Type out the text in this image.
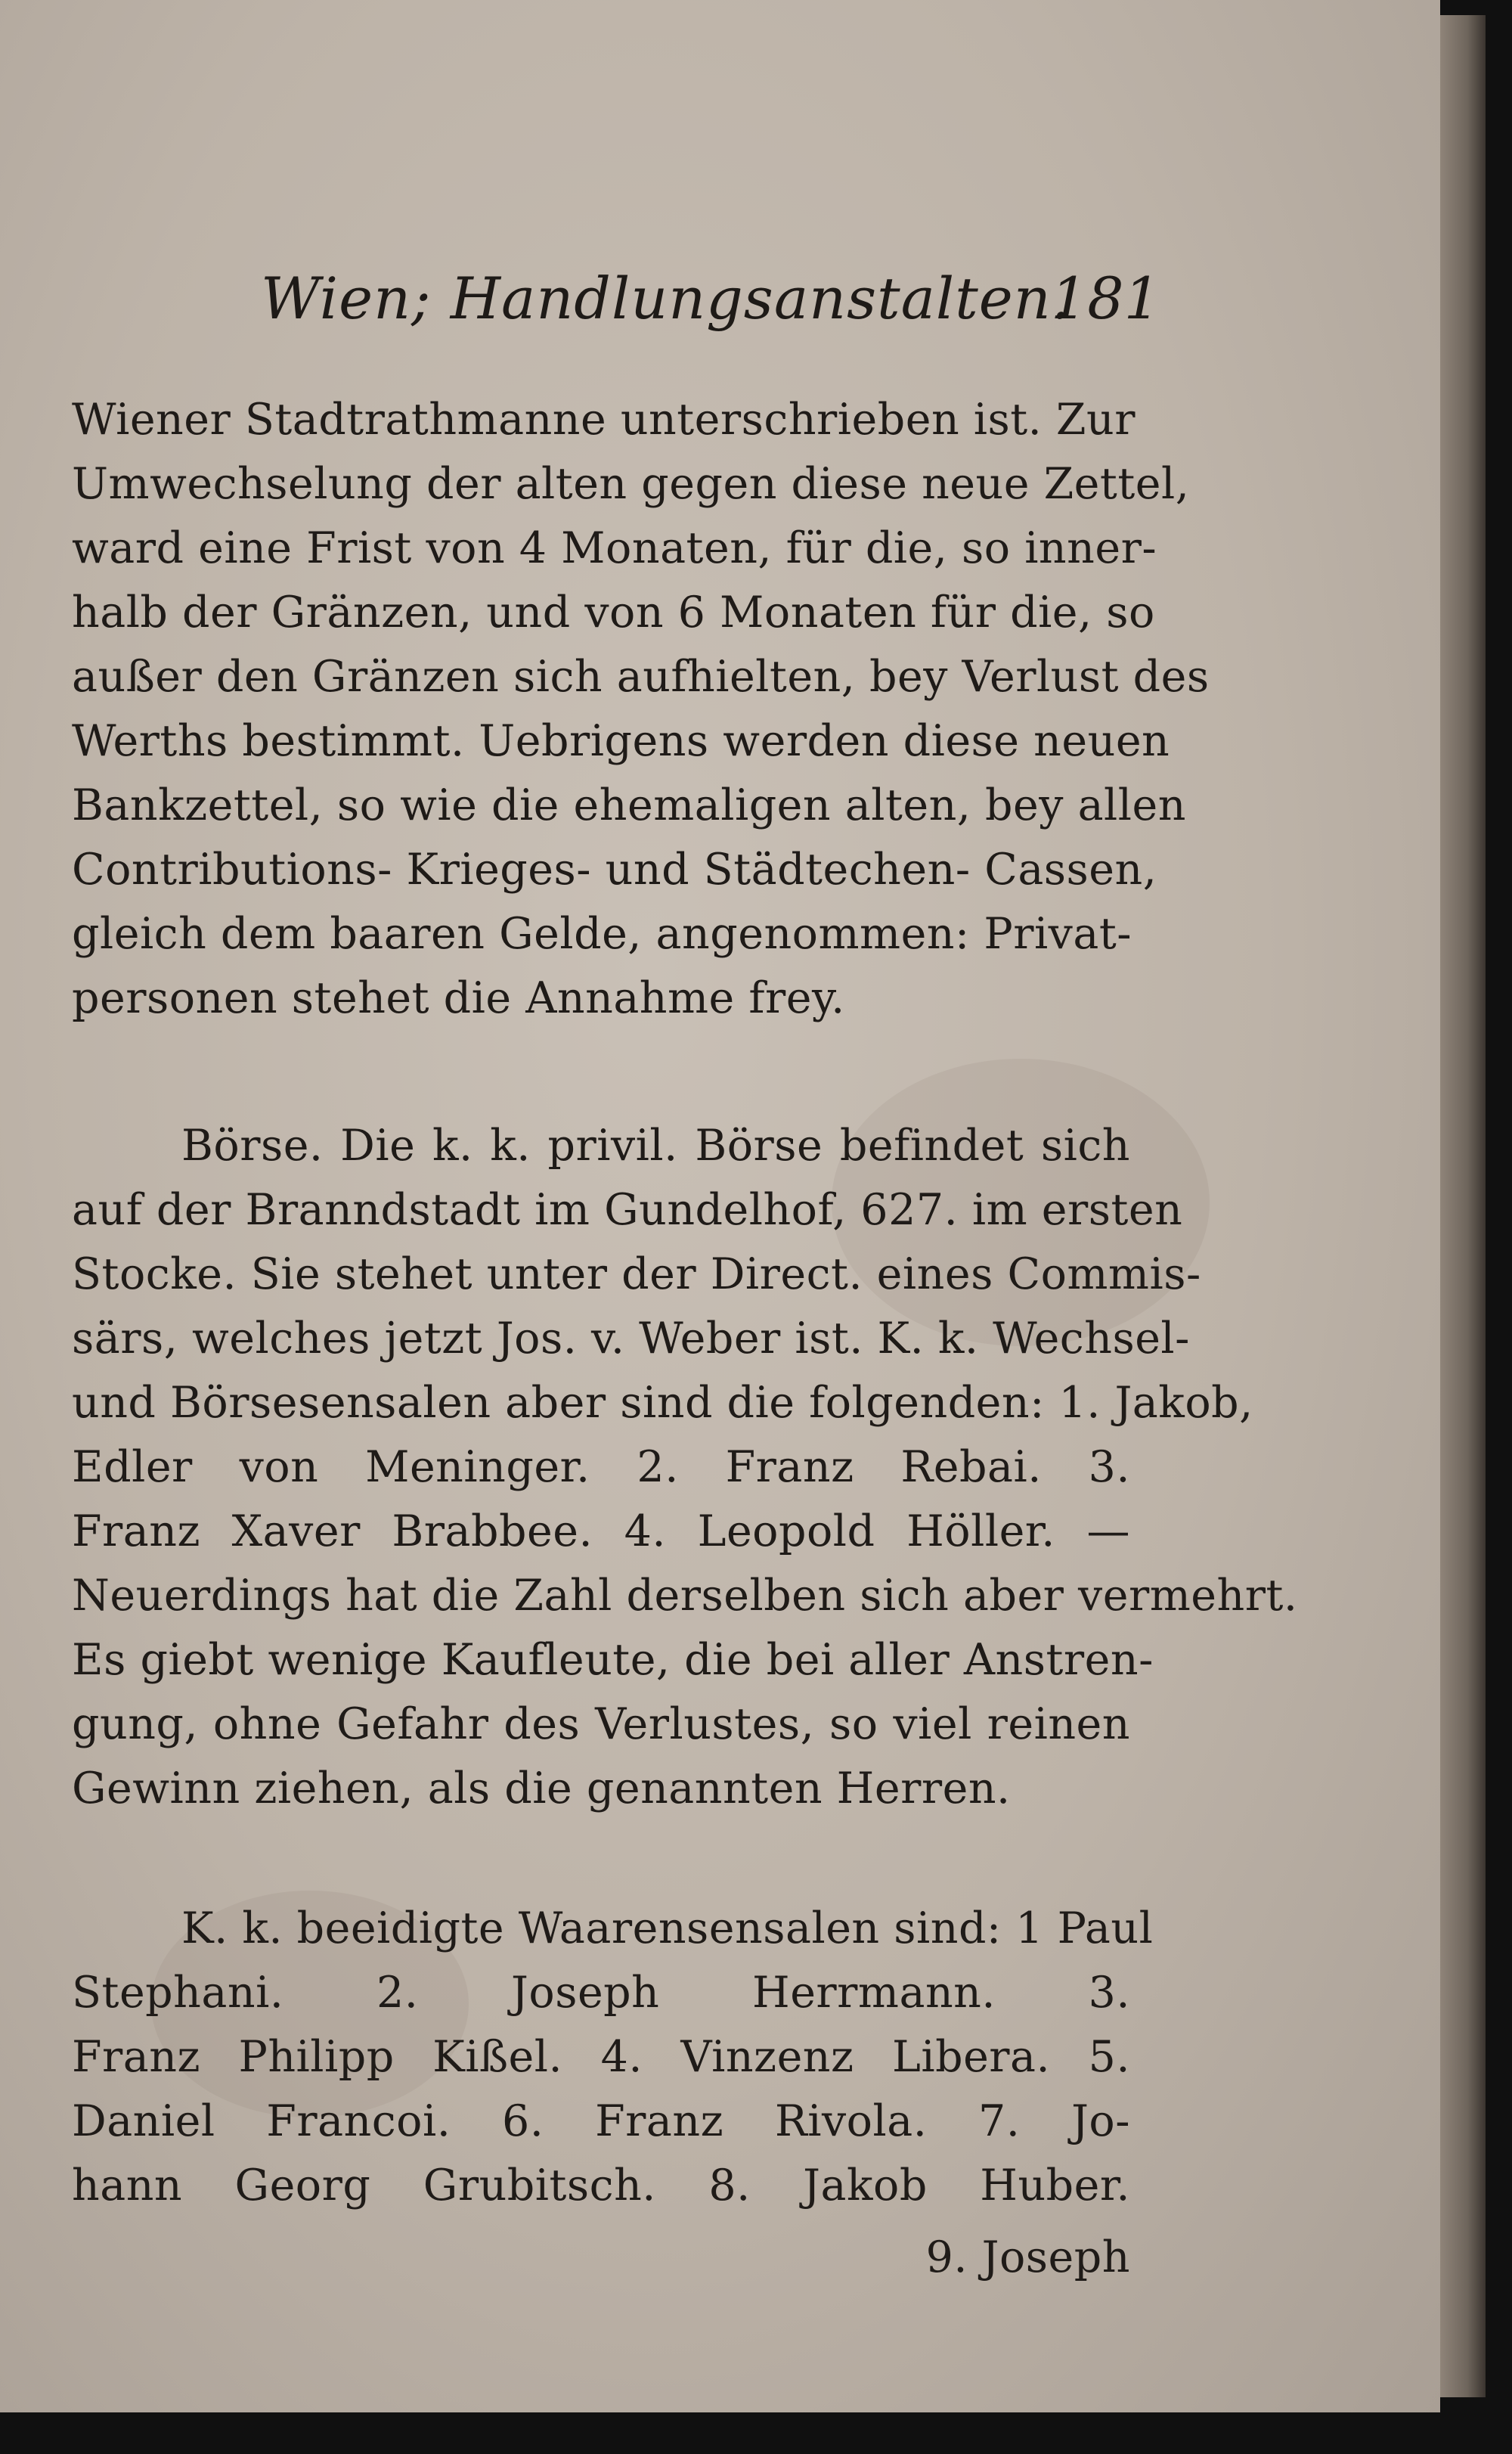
Wien; Handlungsanstalten.
181
Wiener Stadtrathmanne unterschrieben ist. Zur
Umwechselung der alten gegen diese neue Zettel,
ward eine Frist von 4 Monaten, für die, so inner-
halb der Gränzen, und von 6 Monaten für die, so
außer den Gränzen sich aufhielten, bey Verlust des
Werths bestimmt. Uebrigens werden diese neuen
Bankzettel, so wie die ehemaligen alten, bey allen
Contributions- Krieges- und Städtechen- Cassen,
gleich dem baaren Gelde, angenommen: Privat-
personen stehet die Annahme frey.
Börse. Die k. k. privil. Börse befindet sich
auf der Branndstadt im Gundelhof, 627. im ersten
Stocke. Sie stehet unter der Direct. eines Commis-
särs, welches jetzt Jos. v. Weber ist. K. k. Wechsel-
und Börsesensalen aber sind die folgenden: 1. Jakob,
Edler von Meninger. 2. Franz Rebai. 3.
Franz Xaver Brabbee. 4. Leopold Höller. —
Neuerdings hat die Zahl derselben sich aber vermehrt.
Es giebt wenige Kaufleute, die bei aller Anstren-
gung, ohne Gefahr des Verlustes, so viel reinen
Gewinn ziehen, als die genannten Herren.
K. k. beeidigte Waarensensalen sind: 1 Paul
Stephani. 2. Joseph Herrmann. 3.
Franz Philipp Kißel. 4. Vinzenz Libera. 5.
Daniel Francoi. 6. Franz Rivola. 7. Jo-
hann Georg Grubitsch. 8. Jakob Huber.
9. Joseph
